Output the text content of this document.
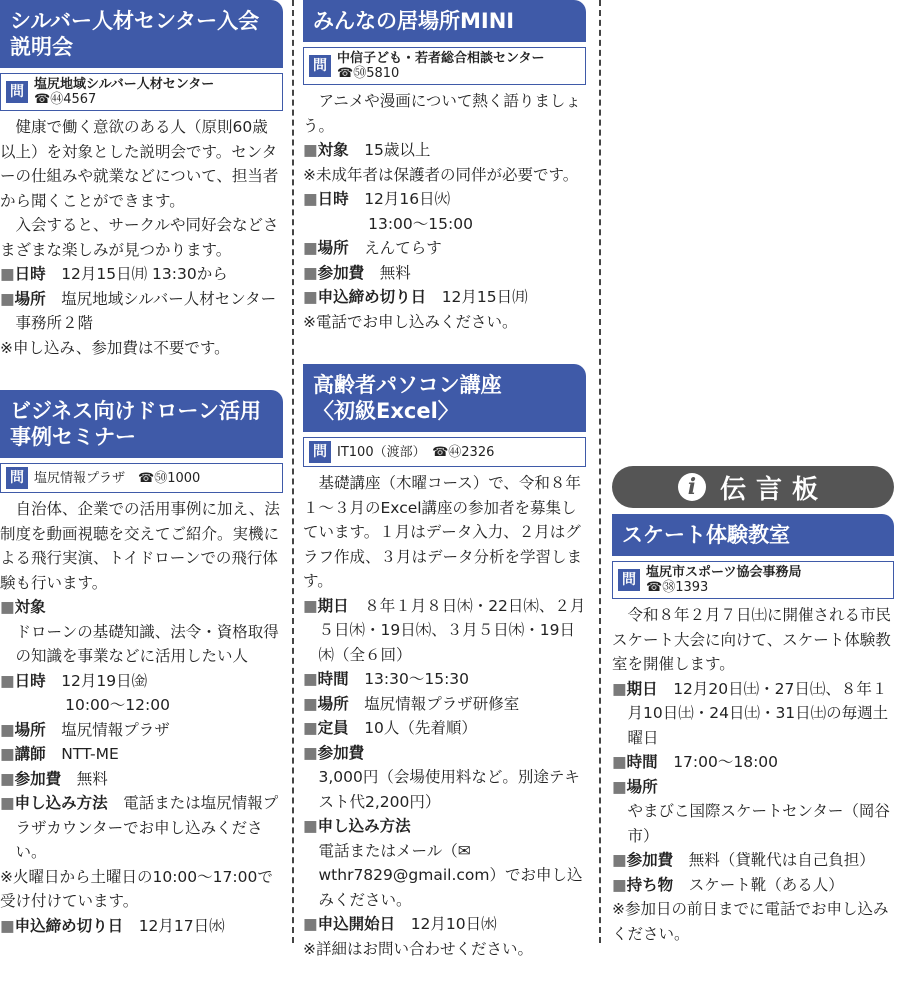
シルバー人材センター入会説明会
問 塩尻地域シルバー人材センター
☎㊹4567

健康で働く意欲のある人（原則60歳以上）を対象とした説明会です。センターの仕組みや就業などについて、担当者から聞くことができます。

入会すると、サークルや同好会などさまざまな楽しみが見つかります。

■日時　 12月15日㈪ 13:30から

■場所　 塩尻地域シルバー人材センター事務所２階

※申し込み、参加費は不要です。

ビジネス向けドローン活用
事例セミナー
問 塩尻情報プラザ　☎㊿1000

自治体、企業での活用事例に加え、法制度を動画視聴を交えてご紹介。実機による飛行実演、トイドローンでの飛行体験も行います。

■対象

ドローンの基礎知識、法令・資格取得の知識を事業などに活用したい人

■日時　 12月19日㈮

10:00〜12:00

■場所　 塩尻情報プラザ

■講師　 NTT-ME

■参加費　 無料

■申し込み方法　 電話または塩尻情報プラザカウンターでお申し込みください。

※火曜日から土曜日の10:00〜17:00で受け付けています。

■申込締め切り日　 12月17日㈬

みんなの居場所MINI
問 中信子ども・若者総合相談センター
☎㊿5810

アニメや漫画について熱く語りましょう。

■対象　 15歳以上

※未成年者は保護者の同伴が必要です。

■日時　 12月16日㈫

13:00〜15:00

■場所　 えんてらす

■参加費　 無料

■申込締め切り日　 12月15日㈪

※電話でお申し込みください。

高齢者パソコン講座
〈初級Excel〉
問 IT100（渡部）　☎㊹2326

基礎講座（木曜コース）で、令和８年１〜３月のExcel講座の参加者を募集しています。１月はデータ入力、２月はグラフ作成、３月はデータ分析を学習します。

■期日　 ８年１月８日㈭・22日㈭、２月５日㈭・19日㈭、３月５日㈭・19日㈭（全６回）

■時間　 13:30〜15:30

■場所　 塩尻情報プラザ研修室

■定員　 10人（先着順）

■参加費

3,000円（会場使用料など。別途テキスト代2,200円）

■申し込み方法

電話またはメール（✉wthr7829@gmail.com）でお申し込みください。

■申込開始日　 12月10日㈬

※詳細はお問い合わせください。

i 伝言板
スケート体験教室
問 塩尻市スポーツ協会事務局
☎㊳1393

令和８年２月７日㈯に開催される市民スケート大会に向けて、スケート体験教室を開催します。

■期日　 12月20日㈯・27日㈯、８年１月10日㈯・24日㈯・31日㈯の毎週土曜日

■時間　 17:00〜18:00

■場所

やまびこ国際スケートセンター（岡谷市）

■参加費　 無料（貸靴代は自己負担）

■持ち物　 スケート靴（ある人）

※参加日の前日までに電話でお申し込みください。
